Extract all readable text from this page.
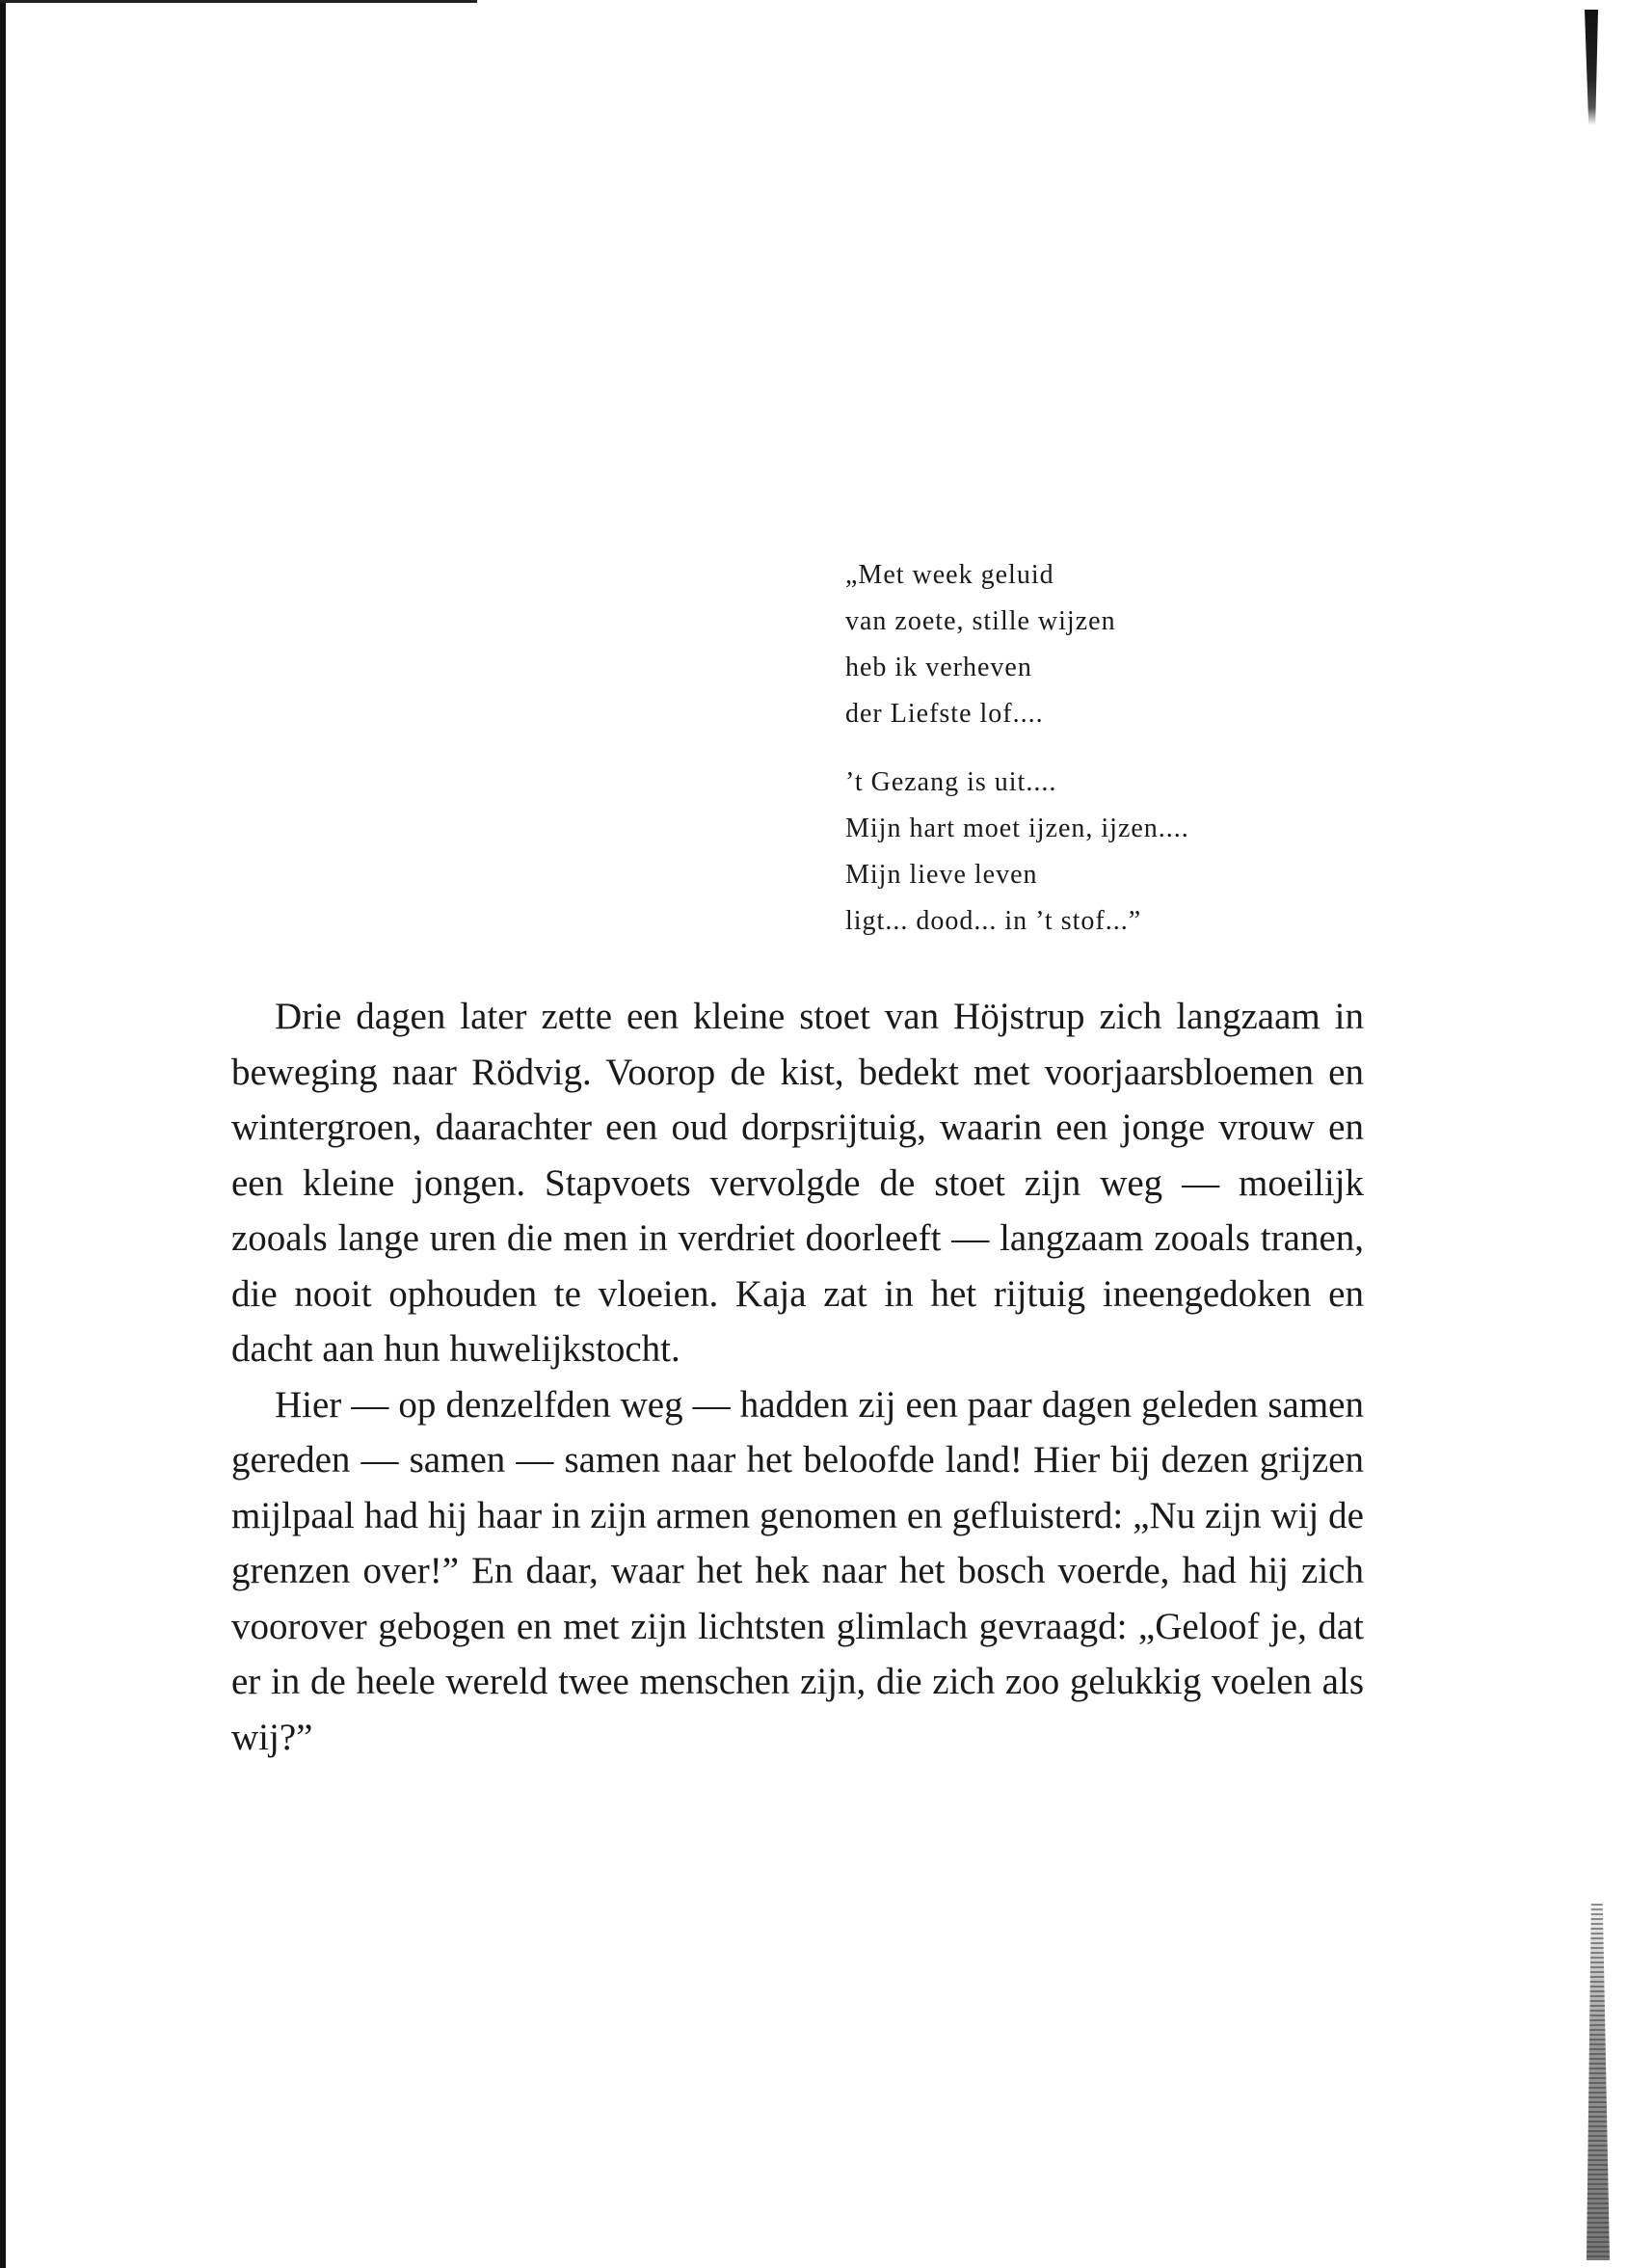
„Met week geluid
van zoete, stille wijzen
heb ik verheven
der Liefste lof....
’t Gezang is uit....
Mijn hart moet ijzen, ijzen....
Mijn lieve leven
ligt... dood... in ’t stof...”

Drie dagen later zette een kleine stoet van Höjstrup zich langzaam in beweging naar Rödvig. Voorop de kist, bedekt met voorjaarsbloemen en wintergroen, daarachter een oud dorpsrijtuig, waarin een jonge vrouw en een kleine jongen. Stapvoets vervolgde de stoet zijn weg — moeilijk zooals lange uren die men in verdriet doorleeft — langzaam zooals tranen, die nooit ophouden te vloeien. Kaja zat in het rijtuig ineengedoken en dacht aan hun huwelijkstocht.

Hier — op denzelfden weg — hadden zij een paar dagen geleden samen gereden — samen — samen naar het beloofde land! Hier bij dezen grijzen mijlpaal had hij haar in zijn armen genomen en gefluisterd: „Nu zijn wij de grenzen over!” En daar, waar het hek naar het bosch voerde, had hij zich voorover gebogen en met zijn lichtsten glimlach gevraagd: „Geloof je, dat er in de heele wereld twee menschen zijn, die zich zoo gelukkig voelen als wij?”
